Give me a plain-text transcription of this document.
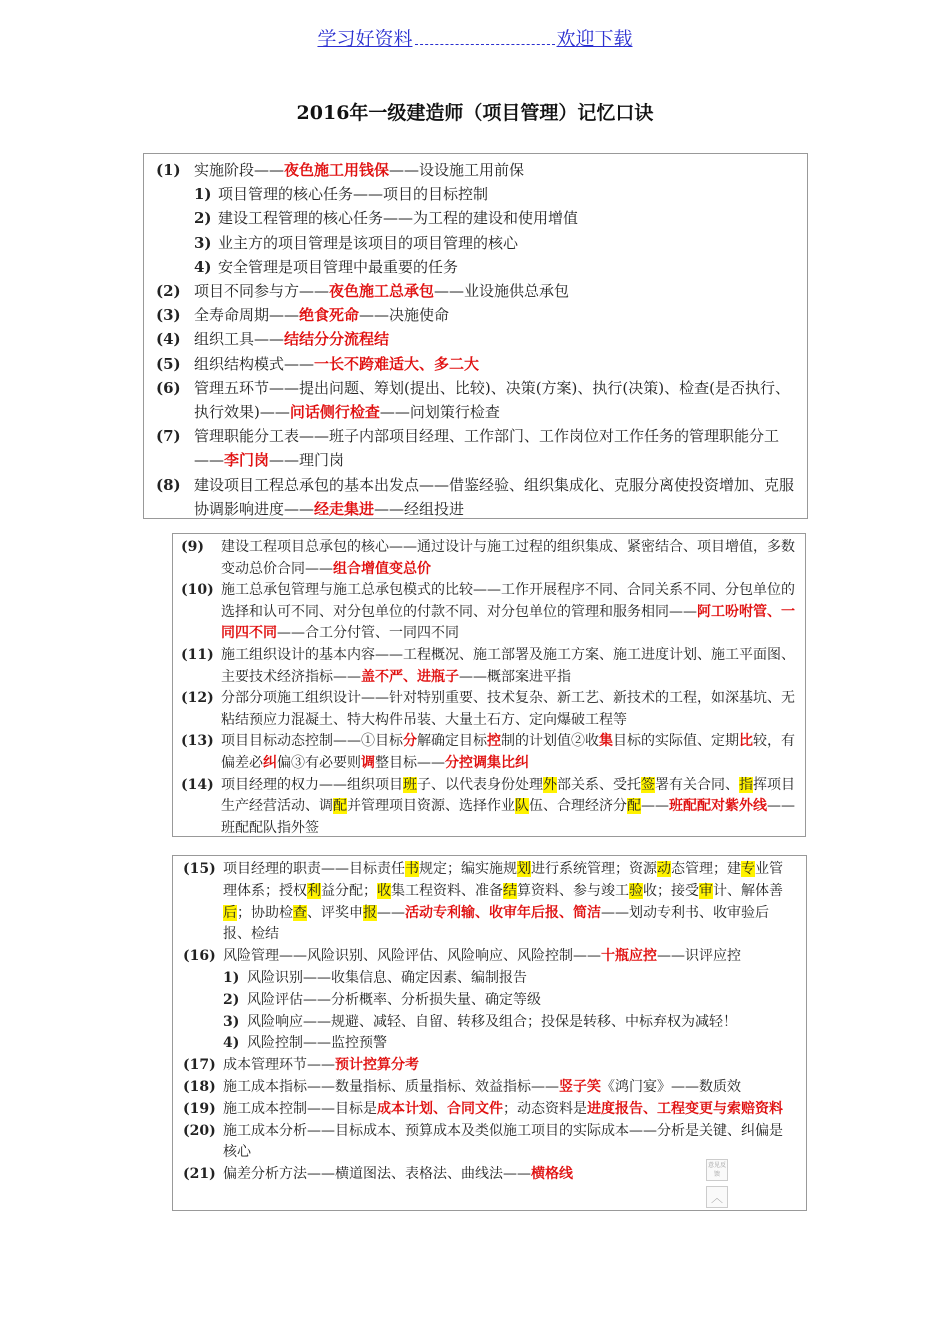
学习好资料	欢迎下载
2016年一级建造师（项目管理）记忆口诀
(1) 实施阶段——夜色施工用钱保——设设施工用前保
1) 项目管理的核心任务——项目的目标控制
2) 建设工程管理的核心任务——为工程的建设和使用增值
3) 业主方的项目管理是该项目的项目管理的核心
4) 安全管理是项目管理中最重要的任务
(2) 项目不同参与方——夜色施工总承包——业设施供总承包
(3) 全寿命周期——绝食死命——决施使命
(4) 组织工具——结结分分流程结
(5) 组织结构模式——一长不跨难适大、多二大
(6) 管理五环节——提出问题、筹划(提出、比较)、决策(方案)、执行(决策)、检查(是否执行、执行效果)——问话侧行检查——问划策行检查
(7) 管理职能分工表——班子内部项目经理、工作部门、工作岗位对工作任务的管理职能分工——李门岗——理门岗
(8) 建设项目工程总承包的基本出发点——借鉴经验、组织集成化、克服分离使投资增加、克服协调影响进度——经走集进——经组投进
(9)	建设工程项目总承包的核心——通过设计与施工过程的组织集成、紧密结合、项目增值，多数变动总价合同——组合增值变总价
(10) 施工总承包管理与施工总承包模式的比较——工作开展程序不同、合同关系不同、分包单位的选择和认可不同、对分包单位的付款不同、对分包单位的管理和服务相同——阿工吩咐管、一同四不同——合工分付管、一同四不同
(11) 施工组织设计的基本内容——工程概况、施工部署及施工方案、施工进度计划、施工平面图、主要技术经济指标——盖不严、进瓶子——概部案进平指
(12) 分部分项施工组织设计——针对特别重要、技术复杂、新工艺、新技术的工程，如深基坑、无粘结预应力混凝土、特大构件吊装、大量土石方、定向爆破工程等
(13) 项目目标动态控制——①目标分解确定目标控制的计划值②收集目标的实际值、定期比较，有偏差必纠偏③有必要则调整目标——分控调集比纠
(14) 项目经理的权力——组织项目班子、以代表身份处理外部关系、受托签署有关合同、指挥项目生产经营活动、调配并管理项目资源、选择作业队伍、合理经济分配——班配配对紫外线——班配配队指外签
(15) 项目经理的职责——目标责任书规定；编实施规划进行系统管理；资源动态管理；建专业管理体系；授权利益分配；收集工程资料、准备结算资料、参与竣工验收；接受审计、解体善后；协助检查、评奖申报——活动专利输、收审年后报、简洁——划动专利书、收审验后报、检结
(16) 风险管理——风险识别、风险评估、风险响应、风险控制——十瓶应控——识评应控
1) 风险识别——收集信息、确定因素、编制报告
2) 风险评估——分析概率、分析损失量、确定等级
3) 风险响应——规避、减轻、自留、转移及组合；投保是转移、中标弃权为减轻！
4) 风险控制——监控预警
(17) 成本管理环节——预计控算分考
(18) 施工成本指标——数量指标、质量指标、效益指标——竖子笑《鸿门宴》——数质效
(19) 施工成本控制——目标是成本计划、合同文件；动态资料是进度报告、工程变更与索赔资料
(20) 施工成本分析——目标成本、预算成本及类似施工项目的实际成本——分析是关键、纠偏是核心
(21) 偏差分析方法——横道图法、表格法、曲线法——横格线
意见反馈
︿
